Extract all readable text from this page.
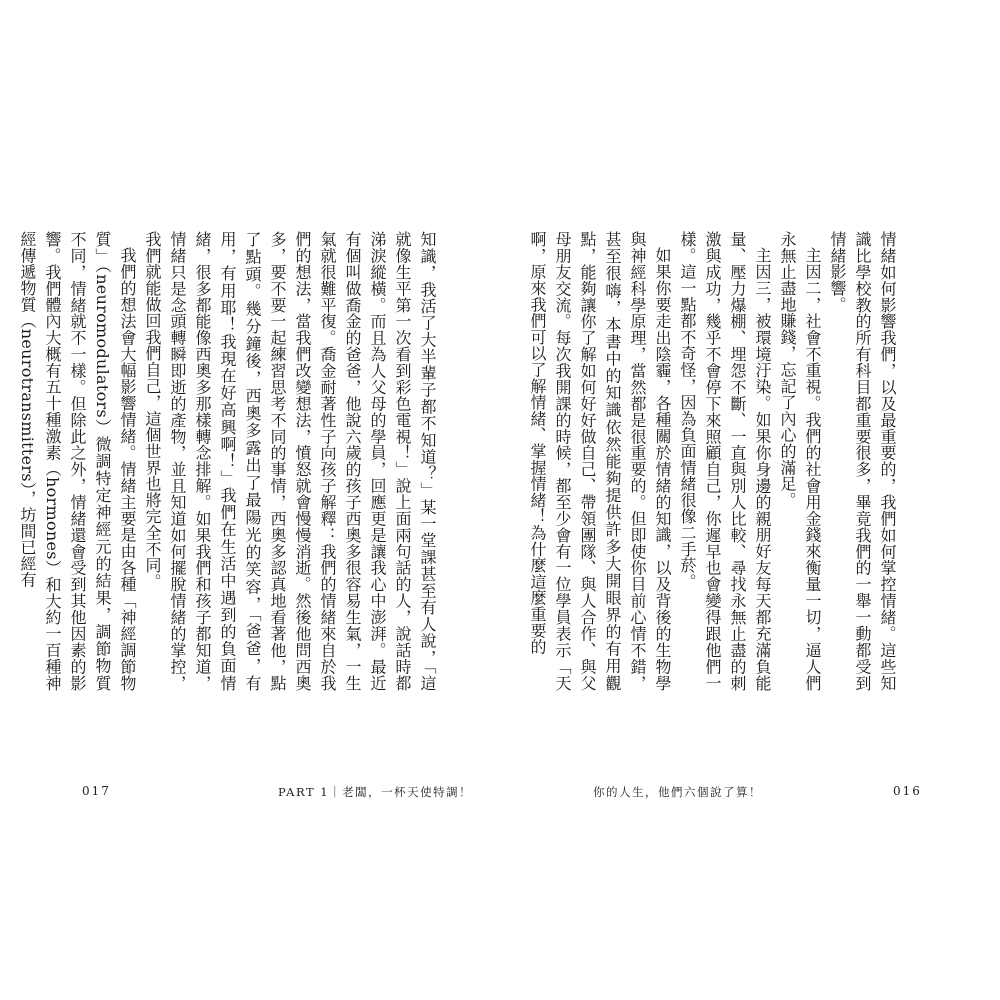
知識，我活了大半輩子都不知道？」某一堂課甚至有人說，「這就像生平第一次看到彩色電視！」說上面兩句話的人，說話時都涕淚縱橫。而且為人父母的學員，回應更是讓我心中澎湃。最近有個叫做喬金的爸爸，他說六歲的孩子西奧多很容易生氣，一生氣就很難平復。喬金耐著性子向孩子解釋：我們的情緒來自於我們的想法，當我們改變想法，憤怒就會慢慢消逝。然後他問西奧多，要不要一起練習思考不同的事情，西奧多認真地看著他，點了點頭。幾分鐘後，西奧多露出了最陽光的笑容，「爸爸，有用，有用耶！我現在好高興啊！」我們在生活中遇到的負面情緒，很多都能像西奧多那樣轉念排解。如果我們和孩子都知道，情緒只是念頭轉瞬即逝的產物，並且知道如何擺脫情緒的掌控，我們就能做回我們自己，這個世界也將完全不同。

我們的想法會大幅影響情緒。情緒主要是由各種「神經調節物質」（neuromodulators）微調特定神經元的結果，調節物質不同，情緒就不一樣。但除此之外，情緒還會受到其他因素的影響。我們體內大概有五十種激素（hormones）和大約一百種神經傳遞物質（neurotransmitters），坊間已經有

017	PART 1｜老闆，一杯天使特調！	你的人生，他們六個說了算！	016

情緒如何影響我們，以及最重要的，我們如何掌控情緒。這些知識比學校教的所有科目都重要很多，畢竟我們的一舉一動都受到情緒影響。

主因二，社會不重視。我們的社會用金錢來衡量一切，逼人們永無止盡地賺錢，忘記了內心的滿足。

主因三，被環境汙染。如果你身邊的親朋好友每天都充滿負能量、壓力爆棚、埋怨不斷、一直與別人比較、尋找永無止盡的刺激與成功，幾乎不會停下來照顧自己，你遲早也會變得跟他們一樣。這一點都不奇怪，因為負面情緒很像二手菸。

如果你要走出陰霾，各種關於情緒的知識，以及背後的生物學與神經科學原理，當然都是很重要的。但即使你目前心情不錯，甚至很嗨，本書中的知識依然能夠提供許多大開眼界的有用觀點，能夠讓你了解如何好好做自己、帶領團隊、與人合作、與父母朋友交流。每次我開課的時候，都至少會有一位學員表示「天啊，原來我們可以了解情緒、掌握情緒！為什麼這麼重要的
